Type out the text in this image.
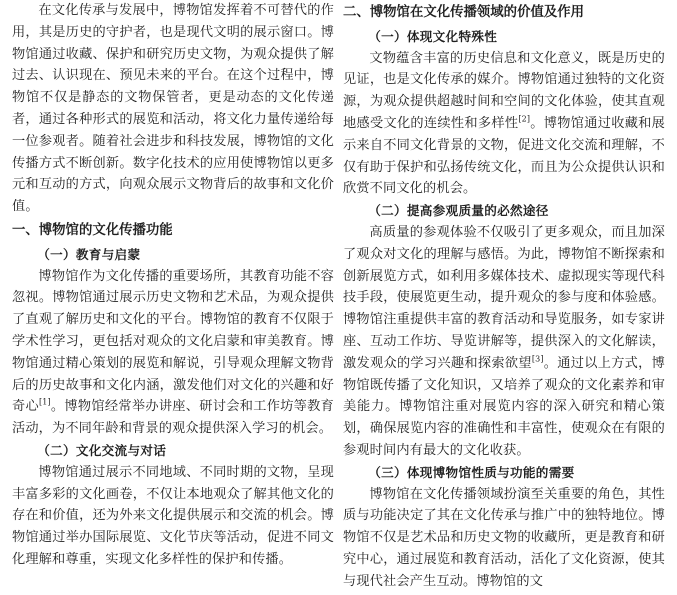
在文化传承与发展中，博物馆发挥着不可替代的作用，其是历史的守护者，也是现代文明的展示窗口。博物馆通过收藏、保护和研究历史文物，为观众提供了解过去、认识现在、预见未来的平台。在这个过程中，博物馆不仅是静态的文物保管者，更是动态的文化传递者，通过各种形式的展览和活动，将文化力量传递给每一位参观者。随着社会进步和科技发展，博物馆的文化传播方式不断创新。数字化技术的应用使博物馆以更多元和互动的方式，向观众展示文物背后的故事和文化价值。

一、博物馆的文化传播功能
（一）教育与启蒙

博物馆作为文化传播的重要场所，其教育功能不容忽视。博物馆通过展示历史文物和艺术品，为观众提供了直观了解历史和文化的平台。博物馆的教育不仅限于学术性学习，更包括对观众的文化启蒙和审美教育。博物馆通过精心策划的展览和解说，引导观众理解文物背后的历史故事和文化内涵，激发他们对文化的兴趣和好奇心[1]。博物馆经常举办讲座、研讨会和工作坊等教育活动，为不同年龄和背景的观众提供深入学习的机会。

（二）文化交流与对话

博物馆通过展示不同地域、不同时期的文物，呈现丰富多彩的文化画卷，不仅让本地观众了解其他文化的存在和价值，还为外来文化提供展示和交流的机会。博物馆通过举办国际展览、文化节庆等活动，促进不同文化理解和尊重，实现文化多样性的保护和传播。

二、博物馆在文化传播领域的价值及作用
（一）体现文化特殊性

文物蕴含丰富的历史信息和文化意义，既是历史的见证，也是文化传承的媒介。博物馆通过独特的文化资源，为观众提供超越时间和空间的文化体验，使其直观地感受文化的连续性和多样性[2]。博物馆通过收藏和展示来自不同文化背景的文物，促进文化交流和理解，不仅有助于保护和弘扬传统文化，而且为公众提供认识和欣赏不同文化的机会。

（二）提高参观质量的必然途径

高质量的参观体验不仅吸引了更多观众，而且加深了观众对文化的理解与感悟。为此，博物馆不断探索和创新展览方式，如利用多媒体技术、虚拟现实等现代科技手段，使展览更生动，提升观众的参与度和体验感。博物馆注重提供丰富的教育活动和导览服务，如专家讲座、互动工作坊、导览讲解等，提供深入的文化解读，激发观众的学习兴趣和探索欲望[3]。通过以上方式，博物馆既传播了文化知识，又培养了观众的文化素养和审美能力。博物馆注重对展览内容的深入研究和精心策划，确保展览内容的准确性和丰富性，使观众在有限的参观时间内有最大的文化收获。

（三）体现博物馆性质与功能的需要

博物馆在文化传播领域扮演至关重要的角色，其性质与功能决定了其在文化传承与推广中的独特地位。博物馆不仅是艺术品和历史文物的收藏所，更是教育和研究中心，通过展览和教育活动，活化了文化资源，使其与现代社会产生互动。博物馆的文
